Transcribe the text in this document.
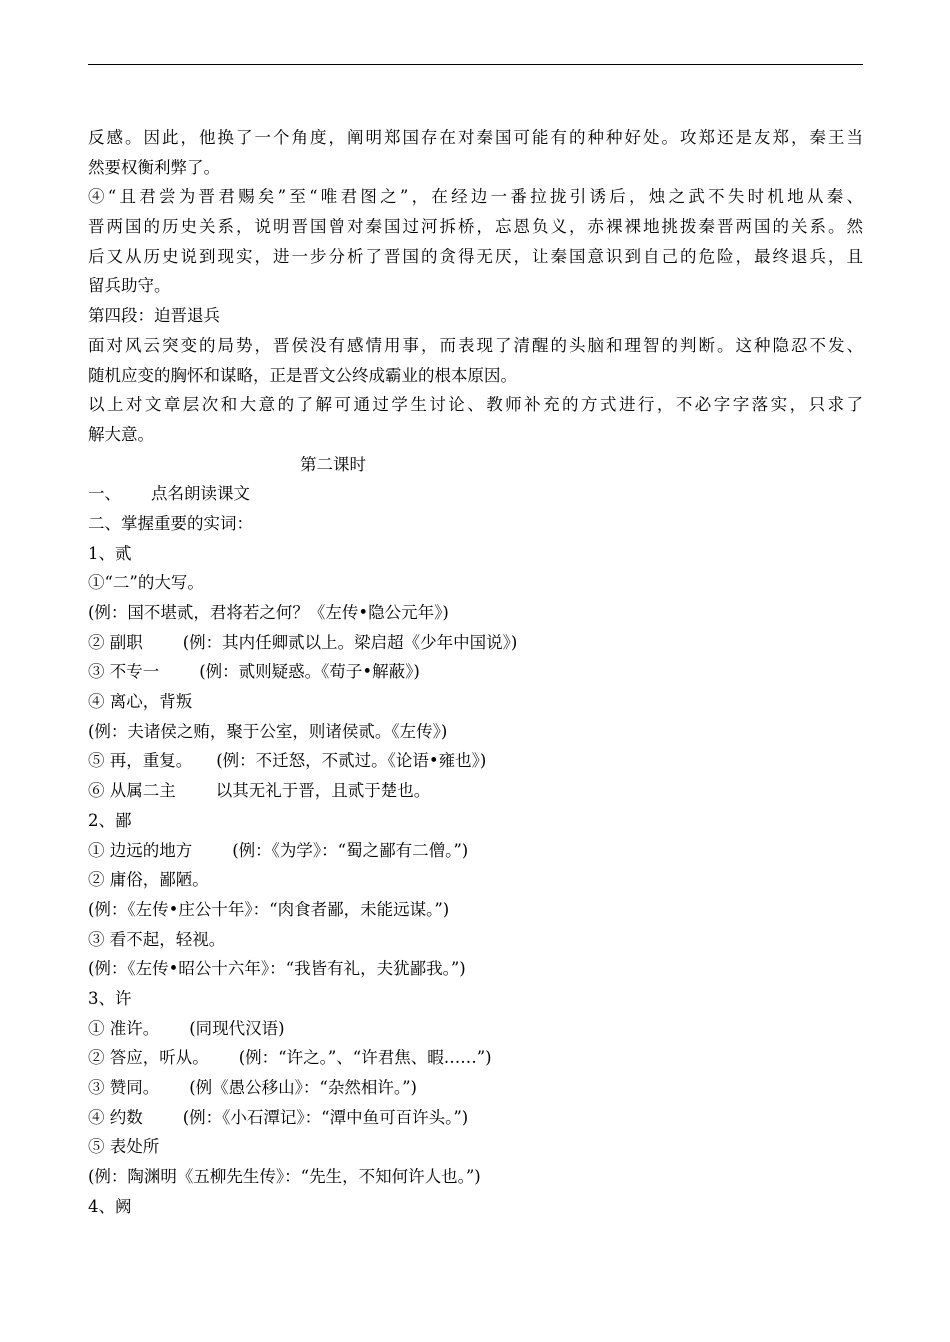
反感。因此，他换了一个角度，阐明郑国存在对秦国可能有的种种好处。攻郑还是友郑，秦王当
然要权衡利弊了。
④“且君尝为晋君赐矣”至“唯君图之”，在经边一番拉拢引诱后，烛之武不失时机地从秦、
晋两国的历史关系，说明晋国曾对秦国过河拆桥，忘恩负义，赤裸裸地挑拨秦晋两国的关系。然
后又从历史说到现实，进一步分析了晋国的贪得无厌，让秦国意识到自己的危险，最终退兵，且
留兵助守。
第四段：迫晋退兵
面对风云突变的局势，晋侯没有感情用事，而表现了清醒的头脑和理智的判断。这种隐忍不发、
随机应变的胸怀和谋略，正是晋文公终成霸业的根本原因。
以上对文章层次和大意的了解可通过学生讨论、教师补充的方式进行，不必字字落实，只求了
解大意。
第二课时
一、 点名朗读课文
二、掌握重要的实词：
1、贰
①“二”的大写。
(例：国不堪贰，君将若之何？《左传•隐公元年》)
② 副职 (例：其内任卿贰以上。梁启超《少年中国说》)
③ 不专一 (例：贰则疑惑。《荀子•解蔽》)
④ 离心，背叛
(例：夫诸侯之贿，聚于公室，则诸侯贰。《左传》)
⑤ 再，重复。 (例：不迁怒，不贰过。《论语•雍也》)
⑥ 从属二主 以其无礼于晋，且贰于楚也。
2、鄙
① 边远的地方 (例：《为学》：“蜀之鄙有二僧。”)
② 庸俗，鄙陋。
(例：《左传•庄公十年》：“肉食者鄙，未能远谋。”)
③ 看不起，轻视。
(例：《左传•昭公十六年》：“我皆有礼，夫犹鄙我。”)
3、许
① 准许。 (同现代汉语)
② 答应，听从。 (例：“许之。”、“许君焦、暇……”)
③ 赞同。 (例《愚公移山》：“杂然相许。”)
④ 约数 (例：《小石潭记》：“潭中鱼可百许头。”)
⑤ 表处所
(例：陶渊明《五柳先生传》：“先生，不知何许人也。”)
4、阙
